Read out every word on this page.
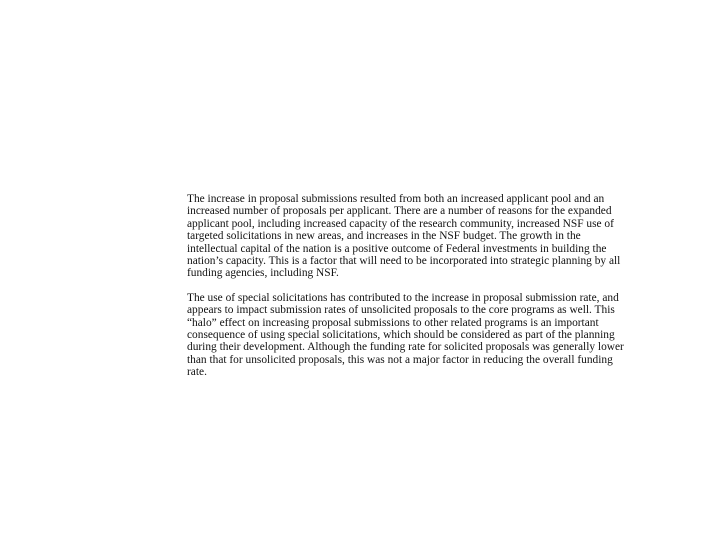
The increase in proposal submissions resulted from both an increased applicant pool and an
increased number of proposals per applicant. There are a number of reasons for the expanded
applicant pool, including increased capacity of the research community, increased NSF use of
targeted solicitations in new areas, and increases in the NSF budget. The growth in the
intellectual capital of the nation is a positive outcome of Federal investments in building the
nation’s capacity. This is a factor that will need to be incorporated into strategic planning by all
funding agencies, including NSF.

The use of special solicitations has contributed to the increase in proposal submission rate, and
appears to impact submission rates of unsolicited proposals to the core programs as well. This
“halo” effect on increasing proposal submissions to other related programs is an important
consequence of using special solicitations, which should be considered as part of the planning
during their development. Although the funding rate for solicited proposals was generally lower
than that for unsolicited proposals, this was not a major factor in reducing the overall funding
rate.
